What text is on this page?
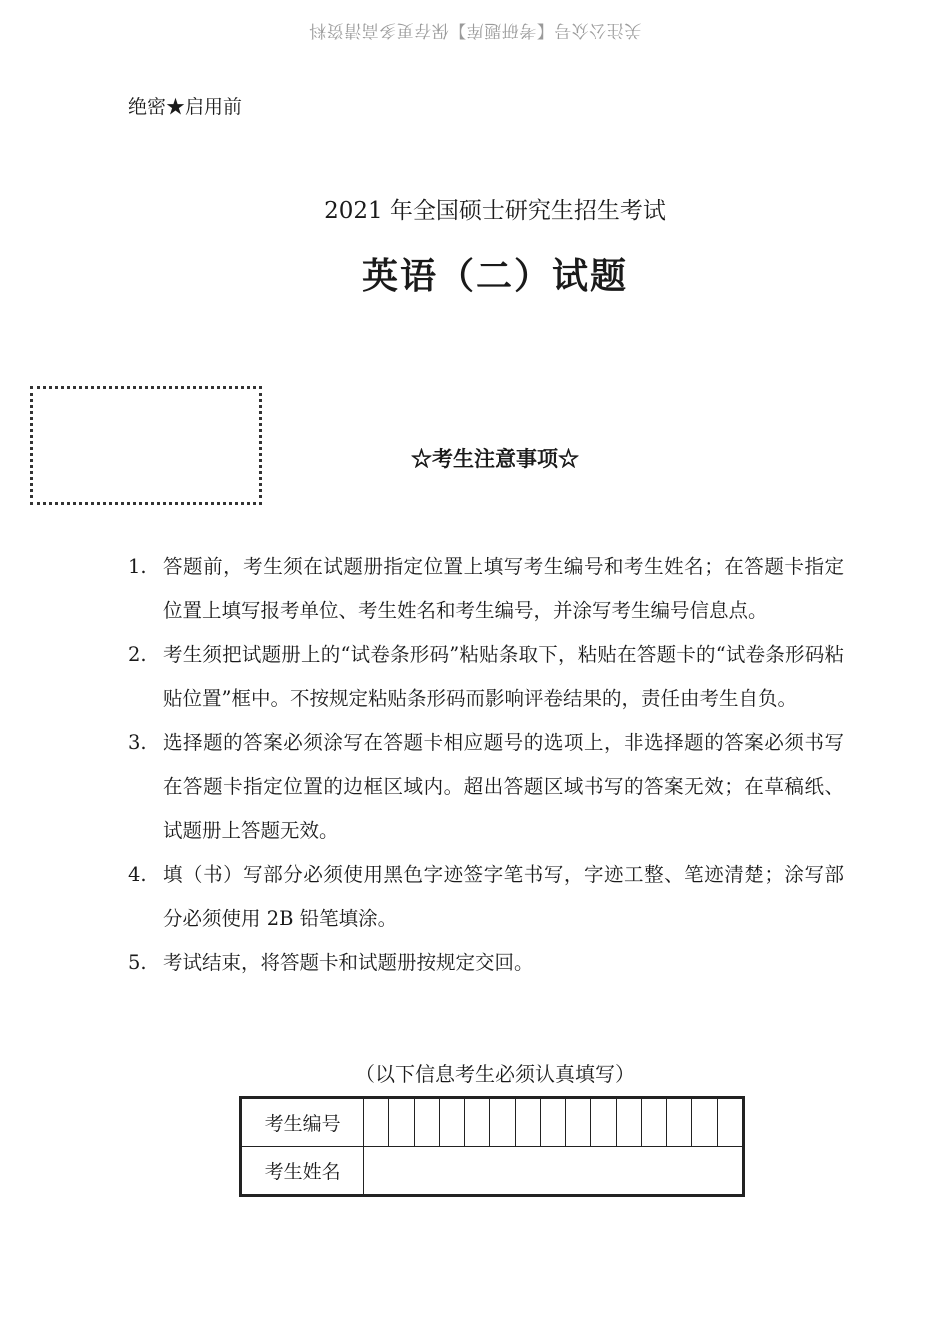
关注公众号【考研题库】保存更多高清资料
绝密★启用前
2021 年全国硕士研究生招生考试
英语（二）试题
☆考生注意事项☆
1. 答题前，考生须在试题册指定位置上填写考生编号和考生姓名；在答题卡指定位置上填写报考单位、考生姓名和考生编号，并涂写考生编号信息点。
2. 考生须把试题册上的“试卷条形码”粘贴条取下，粘贴在答题卡的“试卷条形码粘贴位置”框中。不按规定粘贴条形码而影响评卷结果的，责任由考生自负。
3. 选择题的答案必须涂写在答题卡相应题号的选项上，非选择题的答案必须书写在答题卡指定位置的边框区域内。超出答题区域书写的答案无效；在草稿纸、试题册上答题无效。
4. 填（书）写部分必须使用黑色字迹签字笔书写，字迹工整、笔迹清楚；涂写部分必须使用 2B 铅笔填涂。
5. 考试结束，将答题卡和试题册按规定交回。
（以下信息考生必须认真填写）
考生编号															
考生姓名															
